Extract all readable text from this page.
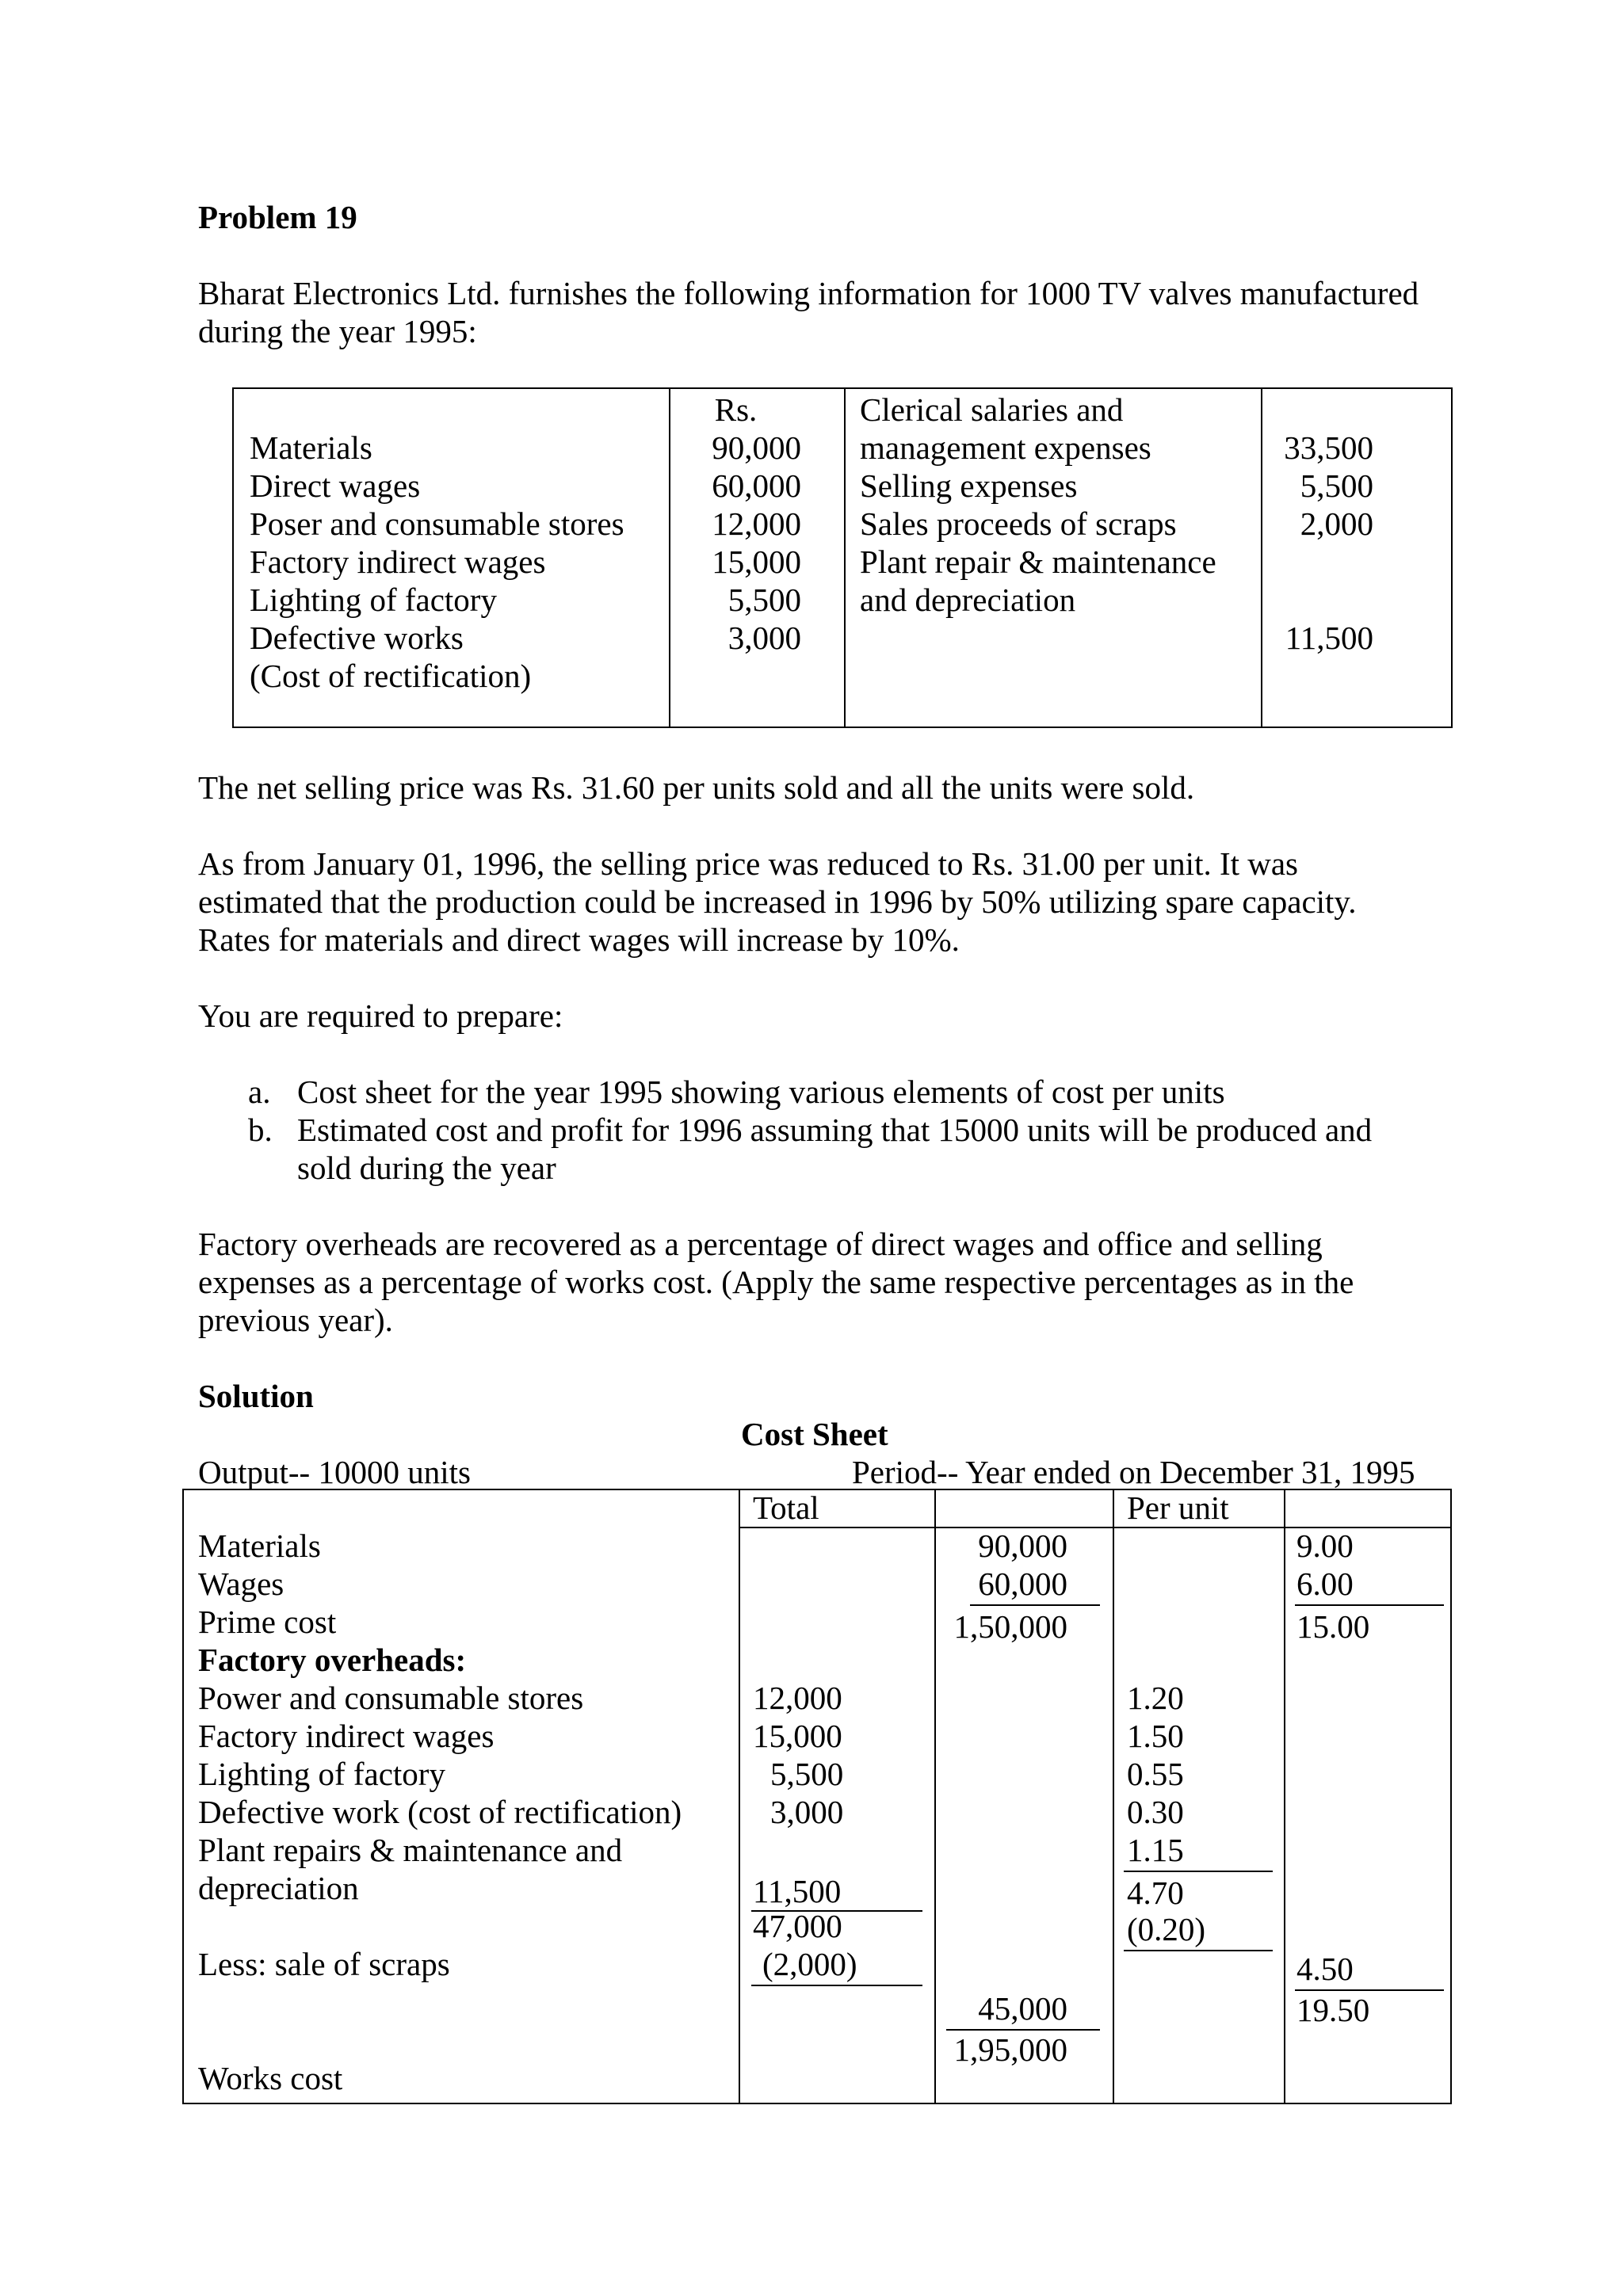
Problem 19

Bharat Electronics Ltd. furnishes the following information for 1000 TV valves manufactured

during the year 1995:

Materials
Direct wages
Poser and consumable stores
Factory indirect wages
Lighting of factory
Defective works
(Cost of rectification)
Rs.
90,000
60,000
12,000
15,000
5,500
3,000
Clerical salaries and
management expenses
Selling expenses
Sales proceeds of scraps
Plant repair & maintenance
and depreciation
33,500
5,500
2,000
11,500

The net selling price was Rs. 31.60 per units sold and all the units were sold.

As from January 01, 1996, the selling price was reduced to Rs. 31.00 per unit. It was

estimated that the production could be increased in 1996 by 50% utilizing spare capacity.

Rates for materials and direct wages will increase by 10%.

You are required to prepare:

a. Cost sheet for the year 1995 showing various elements of cost per units
b. Estimated cost and profit for 1996 assuming that 15000 units will be produced and
sold during the year

Factory overheads are recovered as a percentage of direct wages and office and selling

expenses as a percentage of works cost. (Apply the same respective percentages as in the

previous year).

Solution

Cost Sheet

Output-- 10000 units	Period-- Year ended on December 31, 1995

Total	Per unit
Materials
Wages
Prime cost
Factory overheads:
Power and consumable stores
Factory indirect wages
Lighting of factory
Defective work (cost of rectification)
Plant repairs & maintenance and
depreciation
Less: sale of scraps
Works cost
12,000
15,000
5,500
3,000
11,500
47,000
(2,000)
90,000
60,000
1,50,000
45,000
1,95,000
1.20
1.50
0.55
0.30
1.15
4.70
(0.20)
9.00
6.00
15.00
4.50
19.50
